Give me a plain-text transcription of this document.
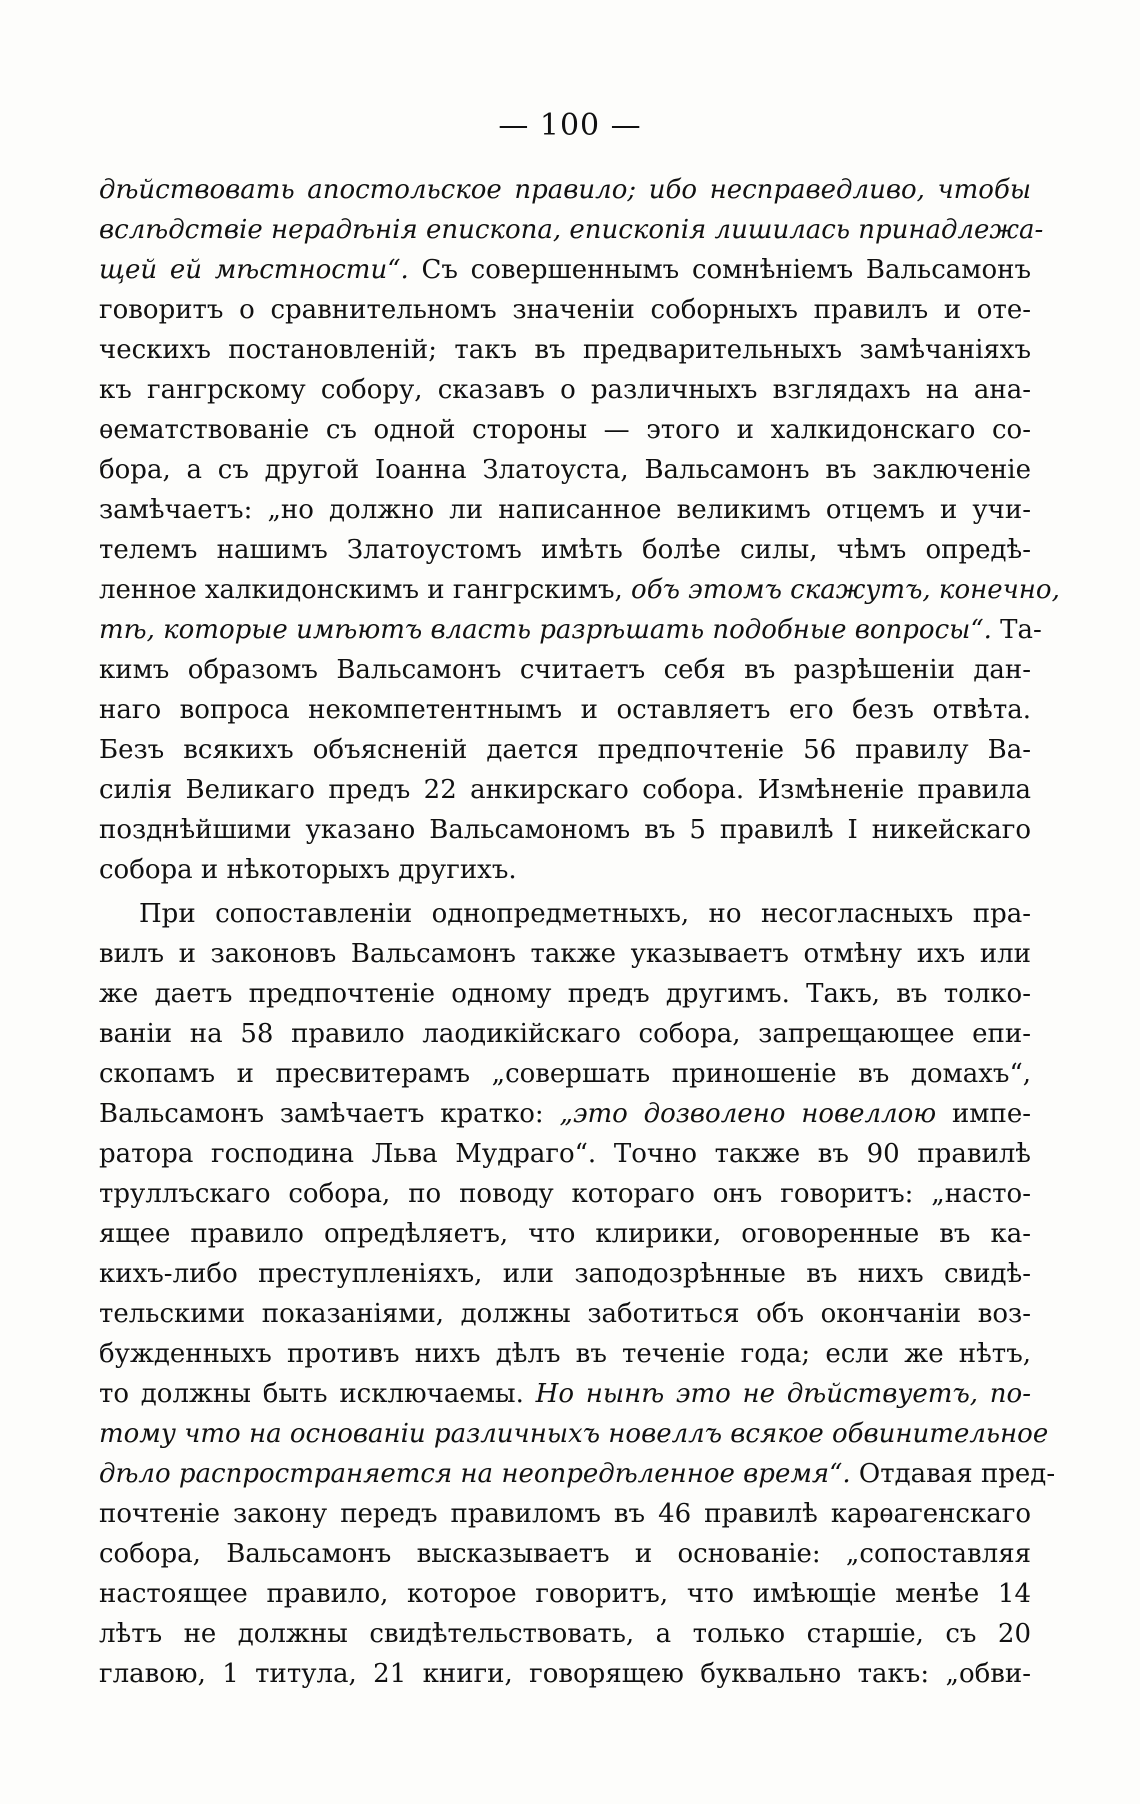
— 100 —
дѣйствовать апостольское правило; ибо несправедливо, чтобы
вслѣдствіе нерадѣнія епископа, епископія лишилась принадлежа-
щей ей мѣстности“. Съ совершеннымъ сомнѣніемъ Вальсамонъ
говоритъ о сравнительномъ значеніи соборныхъ правилъ и оте-
ческихъ постановленій; такъ въ предварительныхъ замѣчаніяхъ
къ гангрскому собору, сказавъ о различныхъ взглядахъ на ана-
ѳематствованіе съ одной стороны — этого и халкидонскаго со-
бора, а съ другой Іоанна Златоуста, Вальсамонъ въ заключеніе
замѣчаетъ: „но должно ли написанное великимъ отцемъ и учи-
телемъ нашимъ Златоустомъ имѣть болѣе силы, чѣмъ опредѣ-
ленное халкидонскимъ и гангрскимъ, объ этомъ скажутъ, конечно,
тѣ, которые имѣютъ власть разрѣшать подобные вопросы“. Та-
кимъ образомъ Вальсамонъ считаетъ себя въ разрѣшеніи дан-
наго вопроса некомпетентнымъ и оставляетъ его безъ отвѣта.
Безъ всякихъ объясненій дается предпочтеніе 56 правилу Ва-
силія Великаго предъ 22 анкирскаго собора. Измѣненіе правила
позднѣйшими указано Вальсамономъ въ 5 правилѣ I никейскаго
собора и нѣкоторыхъ другихъ.
При сопоставленіи однопредметныхъ, но несогласныхъ пра-
вилъ и законовъ Вальсамонъ также указываетъ отмѣну ихъ или
же даетъ предпочтеніе одному предъ другимъ. Такъ, въ толко-
ваніи на 58 правило лаодикійскаго собора, запрещающее епи-
скопамъ и пресвитерамъ „совершать приношеніе въ домахъ“,
Вальсамонъ замѣчаетъ кратко: „это дозволено новеллою импе-
ратора господина Льва Мудраго“. Точно также въ 90 правилѣ
труллъскаго собора, по поводу котораго онъ говоритъ: „насто-
ящее правило опредѣляетъ, что клирики, оговоренные въ ка-
кихъ-либо преступленіяхъ, или заподозрѣнные въ нихъ свидѣ-
тельскими показаніями, должны заботиться объ окончаніи воз-
бужденныхъ противъ нихъ дѣлъ въ теченіе года; если же нѣтъ,
то должны быть исключаемы. Но нынѣ это не дѣйствуетъ, по-
тому что на основаніи различныхъ новеллъ всякое обвинительное
дѣло распространяется на неопредѣленное время“. Отдавая пред-
почтеніе закону передъ правиломъ въ 46 правилѣ карѳагенскаго
собора, Вальсамонъ высказываетъ и основаніе: „сопоставляя
настоящее правило, которое говоритъ, что имѣющіе менѣе 14
лѣтъ не должны свидѣтельствовать, а только старшіе, съ 20
главою, 1 титула, 21 книги, говорящею буквально такъ: „обви-
